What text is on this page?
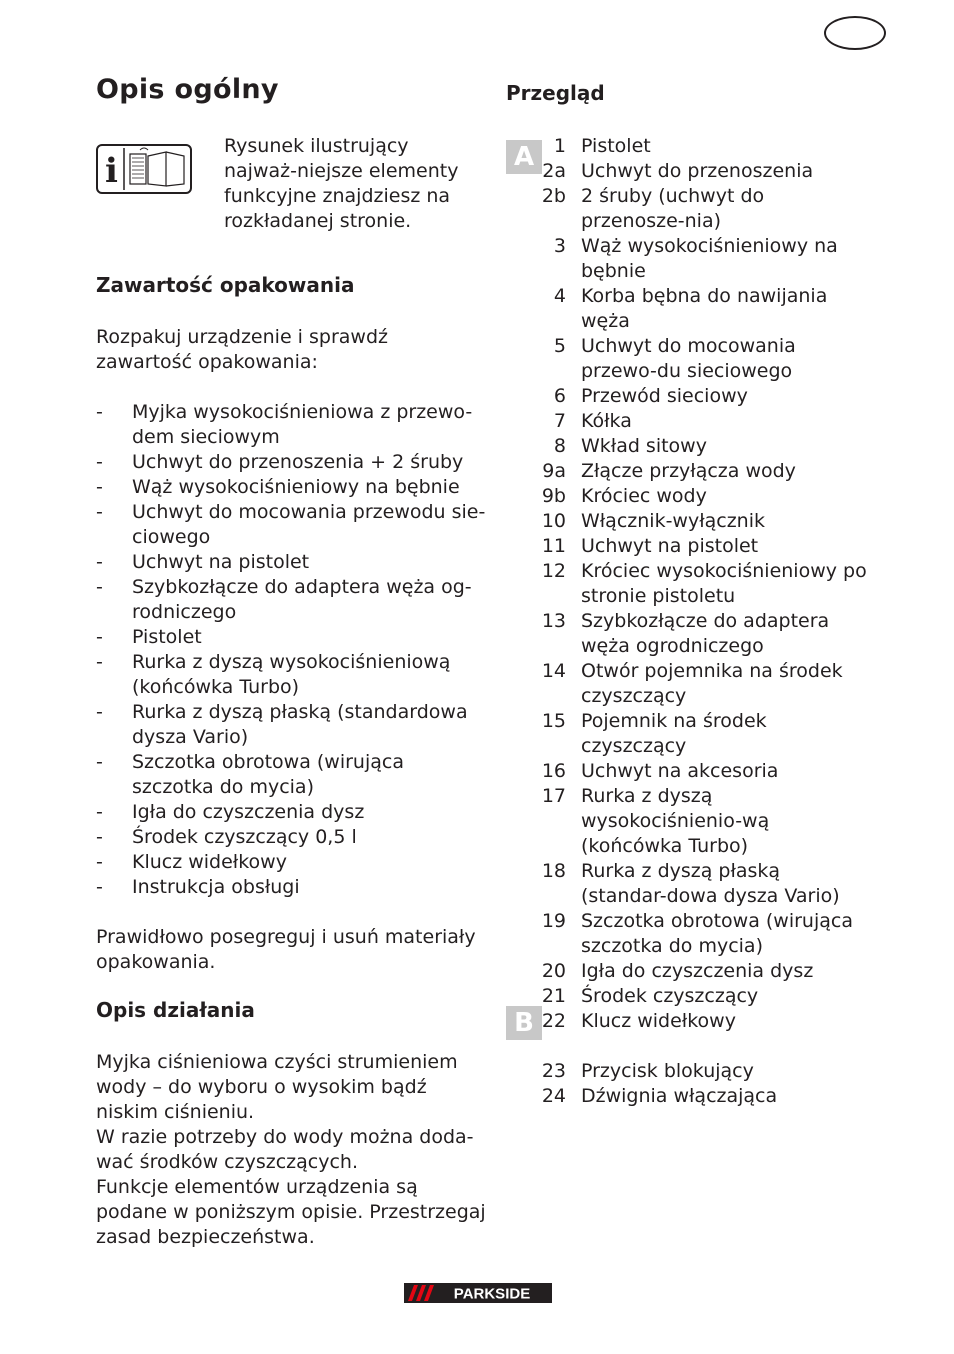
Opis ogólny
i

Rysunek ilustrujący najważ-niejsze elementy funkcyjne znajdziesz na rozkładanej stronie.

Zawartość opakowania

Rozpakuj urządzenie i sprawdź zawartość opakowania:

- Myjka wysokociśnieniowa z przewo-dem sieciowym
- Uchwyt do przenoszenia + 2 śruby
- Wąż wysokociśnieniowy na bębnie
- Uchwyt do mocowania przewodu sie-ciowego
- Uchwyt na pistolet
- Szybkozłącze do adaptera węża og-rodniczego
- Pistolet
- Rurka z dyszą wysokociśnieniową (końcówka Turbo)
- Rurka z dyszą płaską (standardowa dysza Vario)
- Szczotka obrotowa (wirująca szczotka do mycia)
- Igła do czyszczenia dysz
- Środek czyszczący 0,5 l
- Klucz widełkowy
- Instrukcja obsługi

Prawidłowo posegreguj i usuń materiały opakowania.

Opis działania

Myjka ciśnieniowa czyści strumieniem wody – do wyboru o wysokim bądź niskim ciśnieniu.

W razie potrzeby do wody można doda-wać środków czyszczących.

Funkcje elementów urządzenia są podane w poniższym opisie. Przestrzegaj zasad bezpieczeństwa.

Przegląd
1 Pistolet
2a Uchwyt do przenoszenia
2b 2 śruby (uchwyt do przenosze-nia)
3 Wąż wysokociśnieniowy na bębnie
4 Korba bębna do nawijania węża
5 Uchwyt do mocowania przewo-du sieciowego
6 Przewód sieciowy
7 Kółka
8 Wkład sitowy
9a Złącze przyłącza wody
9b Króciec wody
10 Włącznik-wyłącznik
11 Uchwyt na pistolet
12 Króciec wysokociśnieniowy po stronie pistoletu
13 Szybkozłącze do adaptera węża ogrodniczego
14 Otwór pojemnika na środek czyszczący
15 Pojemnik na środek czyszczący
16 Uchwyt na akcesoria
17 Rurka z dyszą wysokociśnienio-wą (końcówka Turbo)
18 Rurka z dyszą płaską (standar-dowa dysza Vario)
19 Szczotka obrotowa (wirująca szczotka do mycia)
20 Igła do czyszczenia dysz
21 Środek czyszczący
22 Klucz widełkowy
23 Przycisk blokujący
24 Dźwignia włączająca
A
B
PARKSIDE
